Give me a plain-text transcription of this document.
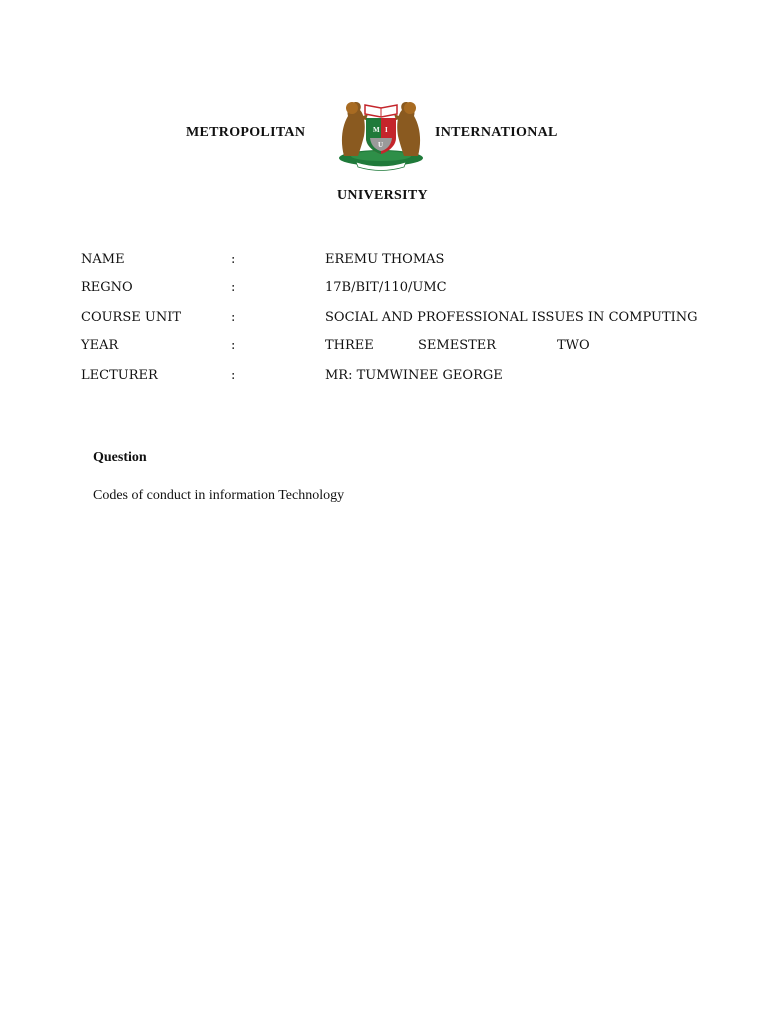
METROPOLITAN	M I
U
INTERNATIONAL
UNIVERSITY
NAME	:	EREMU THOMAS
REGNO	:	17B/BIT/110/UMC
COURSE UNIT	:	SOCIAL AND PROFESSIONAL ISSUES IN COMPUTING
YEAR	:	THREE	SEMESTER	TWO
LECTURER	:	MR: TUMWINEE GEORGE
Question
Codes of conduct in information Technology
